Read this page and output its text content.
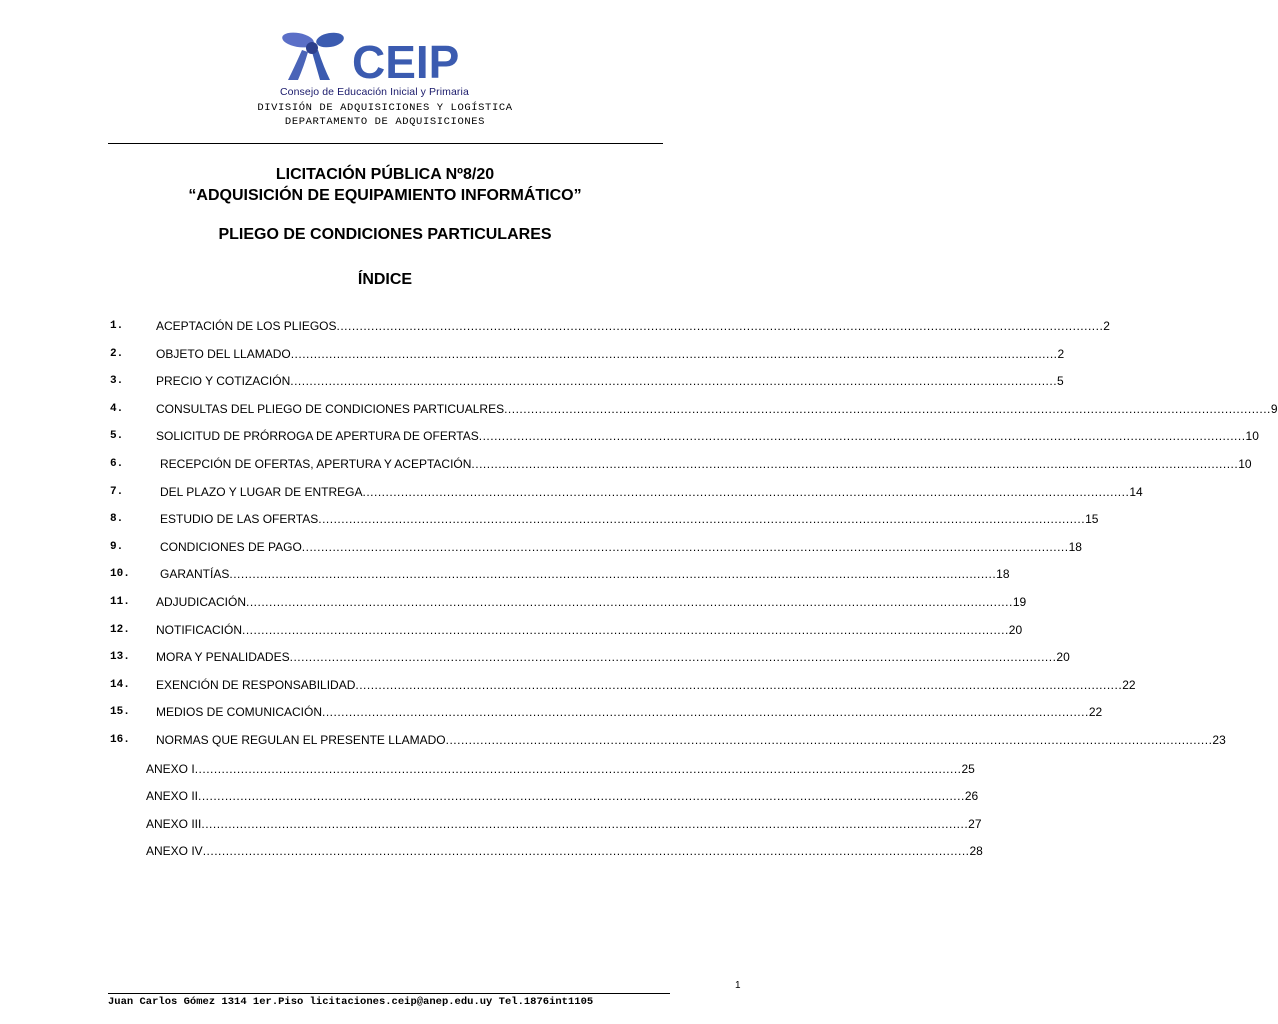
CEIP
Consejo de Educación Inicial y Primaria
DIVISIÓN DE ADQUISICIONES Y LOGÍSTICA
DEPARTAMENTO DE ADQUISICIONES
LICITACIÓN PÚBLICA Nº8/20
“ADQUISICIÓN DE EQUIPAMIENTO INFORMÁTICO”
PLIEGO DE CONDICIONES PARTICULARES
ÍNDICE
1.	ACEPTACIÓN DE LOS PLIEGOS ........................................................................................................................................................................................................ 2
2.	OBJETO DEL LLAMADO ........................................................................................................................................................................................................ 2
3.	PRECIO Y COTIZACIÓN ........................................................................................................................................................................................................ 5
4.	CONSULTAS DEL PLIEGO DE CONDICIONES PARTICUALRES ........................................................................................................................................................................................................ 9
5.	SOLICITUD DE PRÓRROGA DE APERTURA DE OFERTAS ........................................................................................................................................................................................................ 10
6.	RECEPCIÓN DE OFERTAS, APERTURA Y ACEPTACIÓN ........................................................................................................................................................................................................ 10
7.	DEL PLAZO Y LUGAR DE ENTREGA ........................................................................................................................................................................................................ 14
8.	ESTUDIO DE LAS OFERTAS ........................................................................................................................................................................................................ 15
9.	CONDICIONES DE PAGO ........................................................................................................................................................................................................ 18
10.	GARANTÍAS ........................................................................................................................................................................................................ 18
11. ADJUDICACIÓN ........................................................................................................................................................................................................ 19
12. NOTIFICACIÓN ........................................................................................................................................................................................................ 20
13. MORA Y PENALIDADES ........................................................................................................................................................................................................ 20
14. EXENCIÓN DE RESPONSABILIDAD ........................................................................................................................................................................................................ 22
15. MEDIOS DE COMUNICACIÓN ........................................................................................................................................................................................................ 22
16. NORMAS QUE REGULAN EL PRESENTE LLAMADO ........................................................................................................................................................................................................ 23
ANEXO I ........................................................................................................................................................................................................ 25
ANEXO II ........................................................................................................................................................................................................ 26
ANEXO III ........................................................................................................................................................................................................ 27
ANEXO IV ........................................................................................................................................................................................................ 28
Juan Carlos Gómez 1314 1er.Piso licitaciones.ceip@anep.edu.uy Tel.1876int1105
1
